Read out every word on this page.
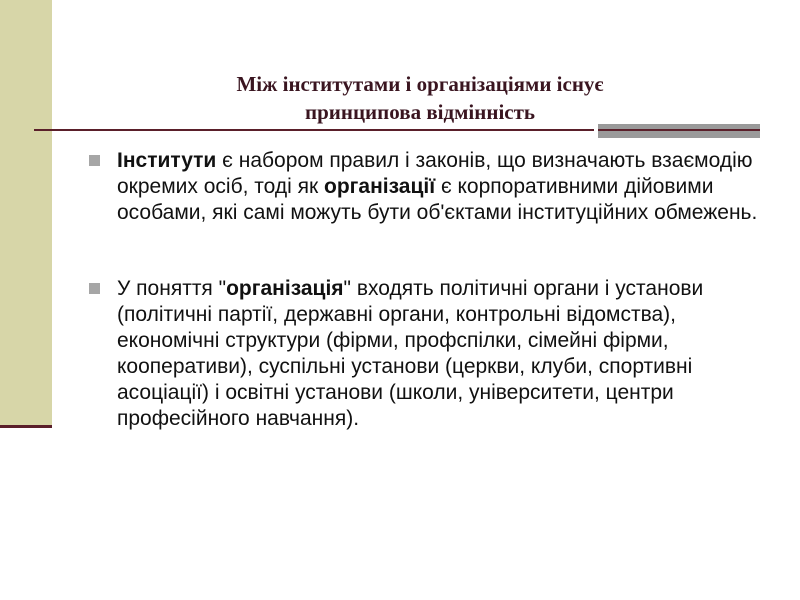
Між інститутами і організаціями існує
принципова відмінність
Інститути є набором правил і законів, що визначають взаємодію окремих осіб, тоді як організації є корпоративними дійовими особами, які самі можуть бути об'єктами інституційних обмежень.
У поняття "організація" входять політичні органи і установи (політичні партії, державні органи, контрольні відомства), економічні структури (фірми, профспілки, сімейні фірми, кооперативи), суспільні установи (церкви, клуби, спортивні асоціації) і освітні установи (школи, університети, центри професійного навчання).
